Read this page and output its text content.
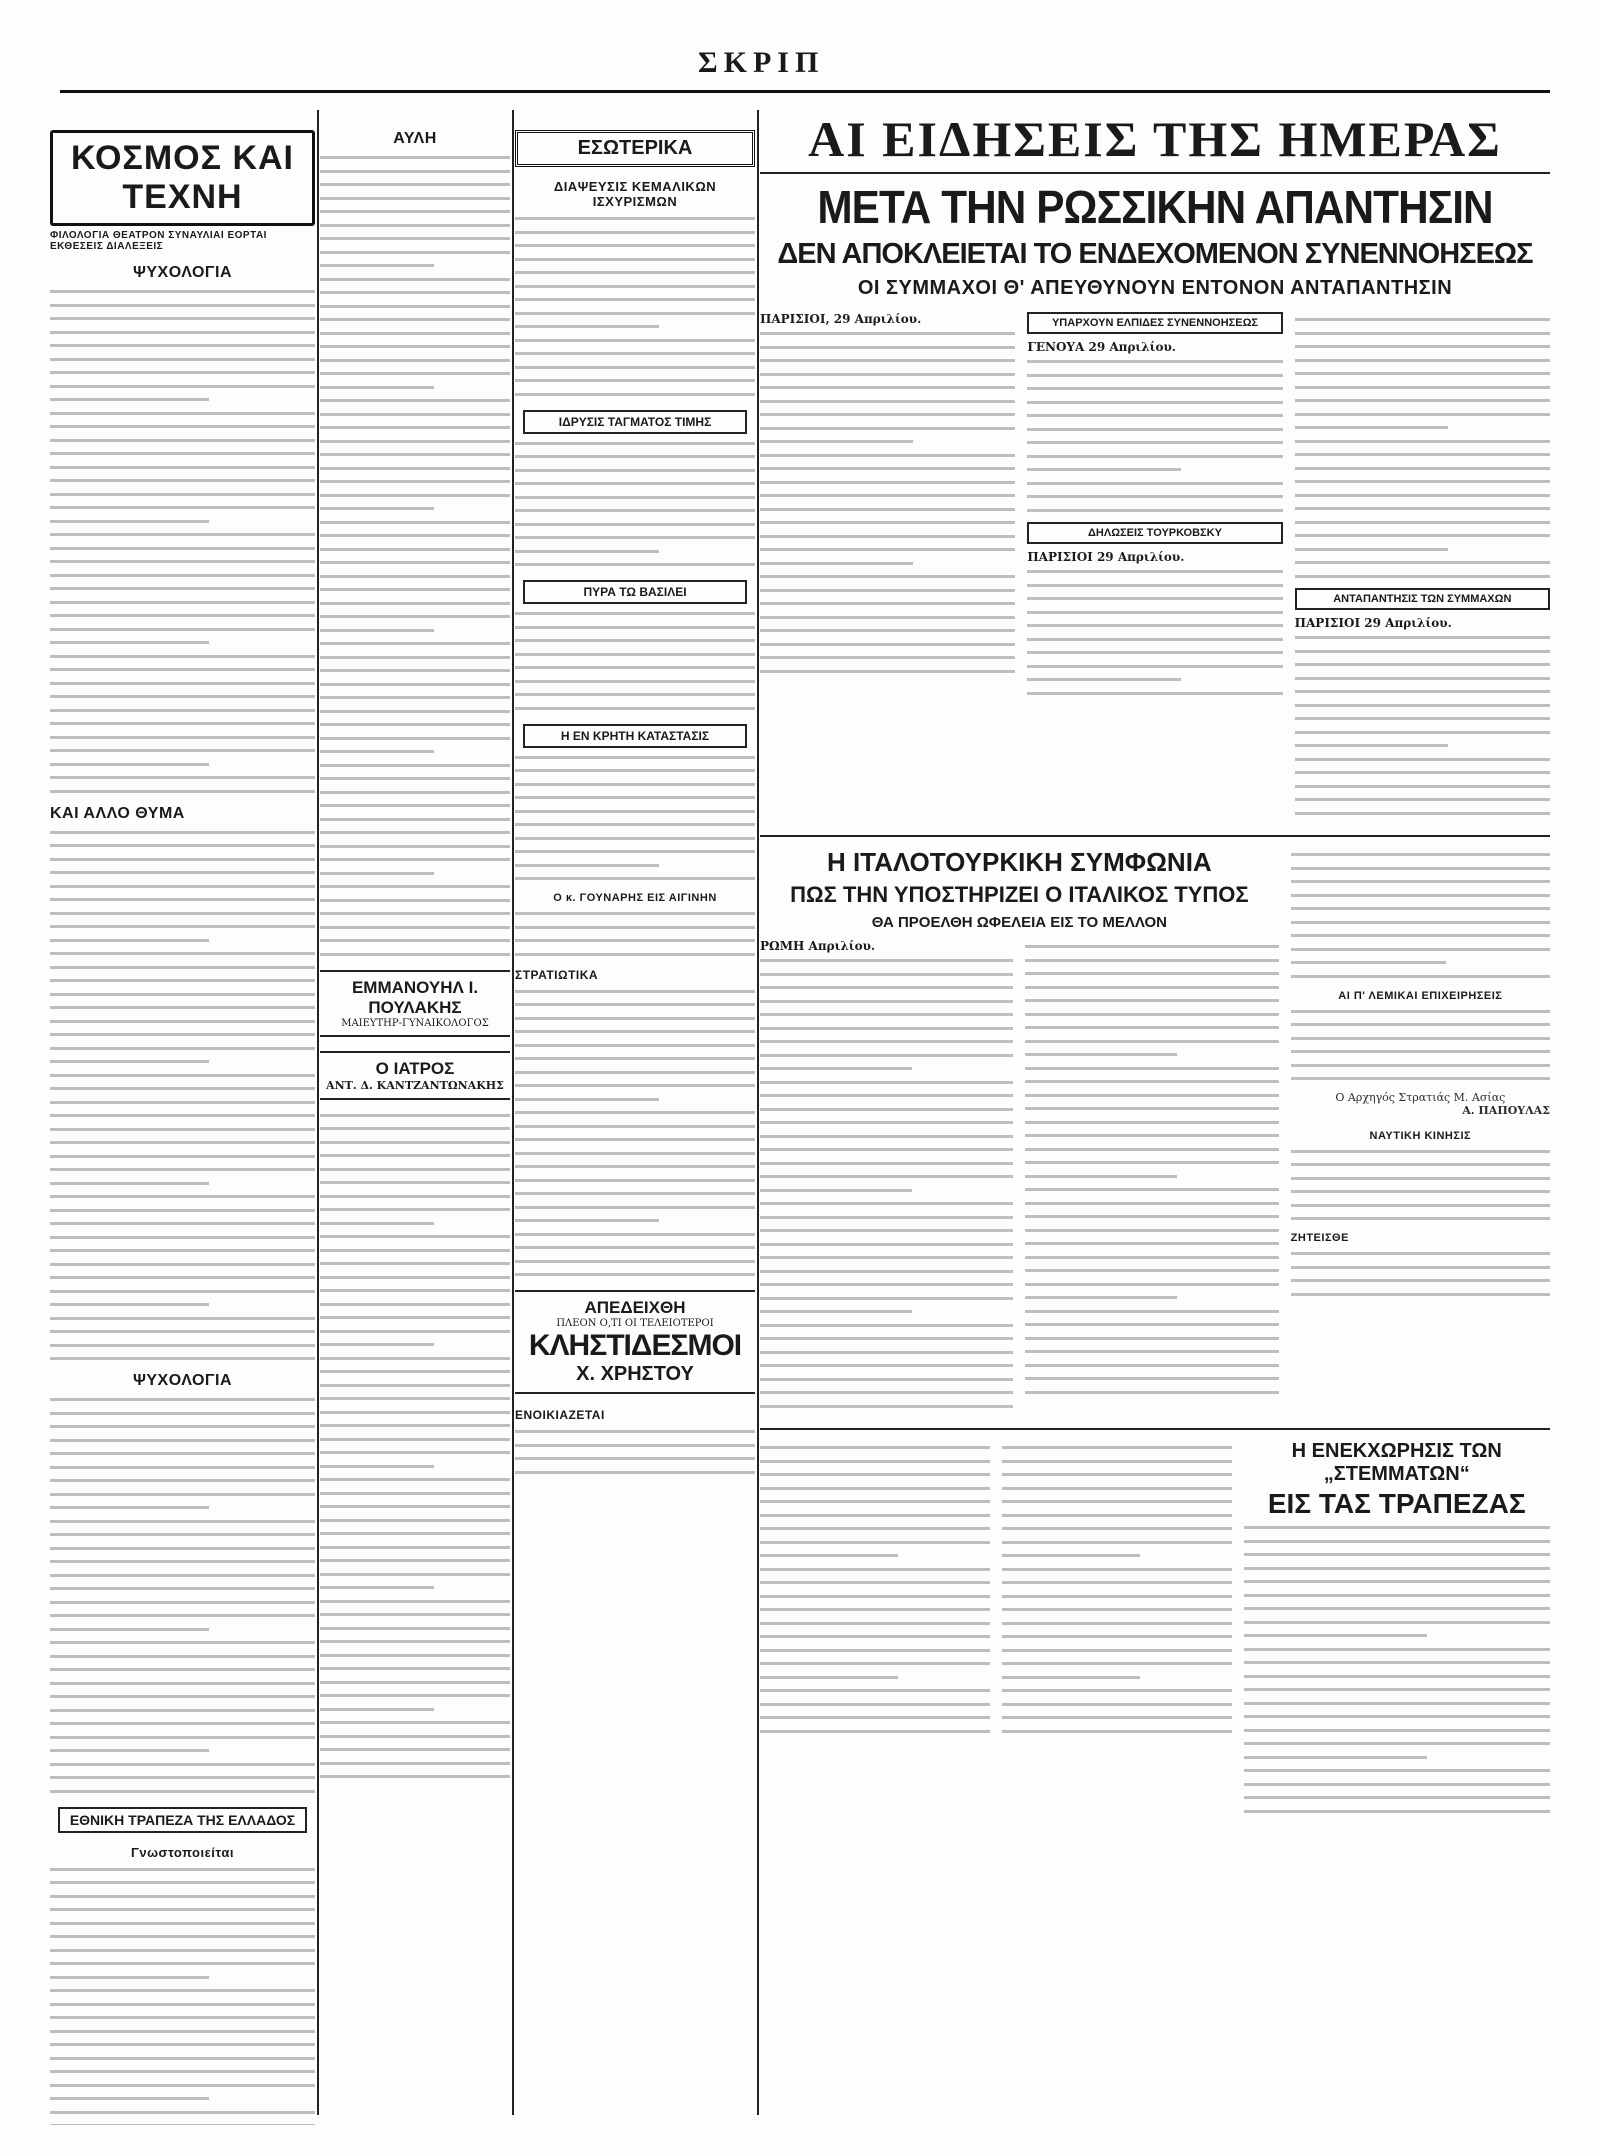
ΣΚΡΙΠ
ΚΟΣΜΟΣ ΚΑΙ ΤΕΧΝΗ
ΦΙΛΟΛΟΓΙΑ ΘΕΑΤΡΟΝ ΣΥΝΑΥΛΙΑΙ ΕΟΡΤΑΙ ΕΚΘΕΣΕΙΣ ΔΙΑΛΕΞΕΙΣ
ΨΥΧΟΛΟΓΙΑ
ΚΑΙ ΑΛΛΟ ΘΥΜΑ
ΨΥΧΟΛΟΓΙΑ
ΕΘΝΙΚΗ ΤΡΑΠΕΖΑ ΤΗΣ ΕΛΛΑΔΟΣ
Γνωστοποιείται
ΑΥΛΗ
ΕΜΜΑΝΟΥΗΛ Ι. ΠΟΥΛΑΚΗΣ
ΜΑΙΕΥΤΗΡ-ΓΥΝΑΙΚΟΛΟΓΟΣ
Ο ΙΑΤΡΟΣ
ΑΝΤ. Δ. ΚΑΝΤΖΑΝΤΩΝΑΚΗΣ
ΕΣΩΤΕΡΙΚΑ
ΔΙΑΨΕΥΣΙΣ ΚΕΜΑΛΙΚΩΝ ΙΣΧΥΡΙΣΜΩΝ
ΙΔΡΥΣΙΣ ΤΑΓΜΑΤΟΣ ΤΙΜΗΣ
ΠΥΡΑ ΤΩ ΒΑΣΙΛΕΙ
Η ΕΝ ΚΡΗΤΗ ΚΑΤΑΣΤΑΣΙΣ
Ο κ. ΓΟΥΝΑΡΗΣ ΕΙΣ ΑΙΓΙΝΗΝ
ΣΤΡΑΤΙΩΤΙΚΑ
ΑΠΕΔΕΙΧΘΗ
ΠΛΕΟΝ Ο,ΤΙ ΟΙ ΤΕΛΕΙΟΤΕΡΟΙ
ΚΛΗΣΤΙΔΕΣΜΟΙ
Χ. ΧΡΗΣΤΟΥ
ΕΝΟΙΚΙΑΖΕΤΑΙ
ΑΙ ΕΙΔΗΣΕΙΣ ΤΗΣ ΗΜΕΡΑΣ
ΜΕΤΑ ΤΗΝ ΡΩΣΣΙΚΗΝ ΑΠΑΝΤΗΣΙΝ
ΔΕΝ ΑΠΟΚΛΕΙΕΤΑΙ ΤΟ ΕΝΔΕΧΟΜΕΝΟΝ ΣΥΝΕΝΝΟΗΣΕΩΣ
ΟΙ ΣΥΜΜΑΧΟΙ Θ' ΑΠΕΥΘΥΝΟΥΝ ΕΝΤΟΝΟΝ ΑΝΤΑΠΑΝΤΗΣΙΝ
ΠΑΡΙΣΙΟΙ, 29 Απριλίου.	ΥΠΑΡΧΟΥΝ ΕΛΠΙΔΕΣ ΣΥΝΕΝΝΟΗΣΕΩΣ
ΓΕΝΟΥΑ 29 Απριλίου.
ΔΗΛΩΣΕΙΣ ΤΟΥΡΚΟΒΣΚΥ
ΠΑΡΙΣΙΟΙ 29 Απριλίου.
ΑΝΤΑΠΑΝΤΗΣΙΣ ΤΩΝ ΣΥΜΜΑΧΩΝ
ΠΑΡΙΣΙΟΙ 29 Απριλίου.
Η ΙΤΑΛΟΤΟΥΡΚΙΚΗ ΣΥΜΦΩΝΙΑ
ΠΩΣ ΤΗΝ ΥΠΟΣΤΗΡΙΖΕΙ Ο ΙΤΑΛΙΚΟΣ ΤΥΠΟΣ
ΘΑ ΠΡΟΕΛΘΗ ΩΦΕΛΕΙΑ ΕΙΣ ΤΟ ΜΕΛΛΟΝ
ΡΩΜΗ Απριλίου.
ΑΙ Π' ΛΕΜΙΚΑΙ ΕΠΙΧΕΙΡΗΣΕΙΣ
Ο Αρχηγός Στρατιάς Μ. Ασίας
Α. ΠΑΠΟΥΛΑΣ
ΝΑΥΤΙΚΗ ΚΙΝΗΣΙΣ
ΖΗΤΕΙΣΘΕ
Η ΕΝΕΚΧΩΡΗΣΙΣ ΤΩΝ „ΣΤΕΜΜΑΤΩΝ“
ΕΙΣ ΤΑΣ ΤΡΑΠΕΖΑΣ
